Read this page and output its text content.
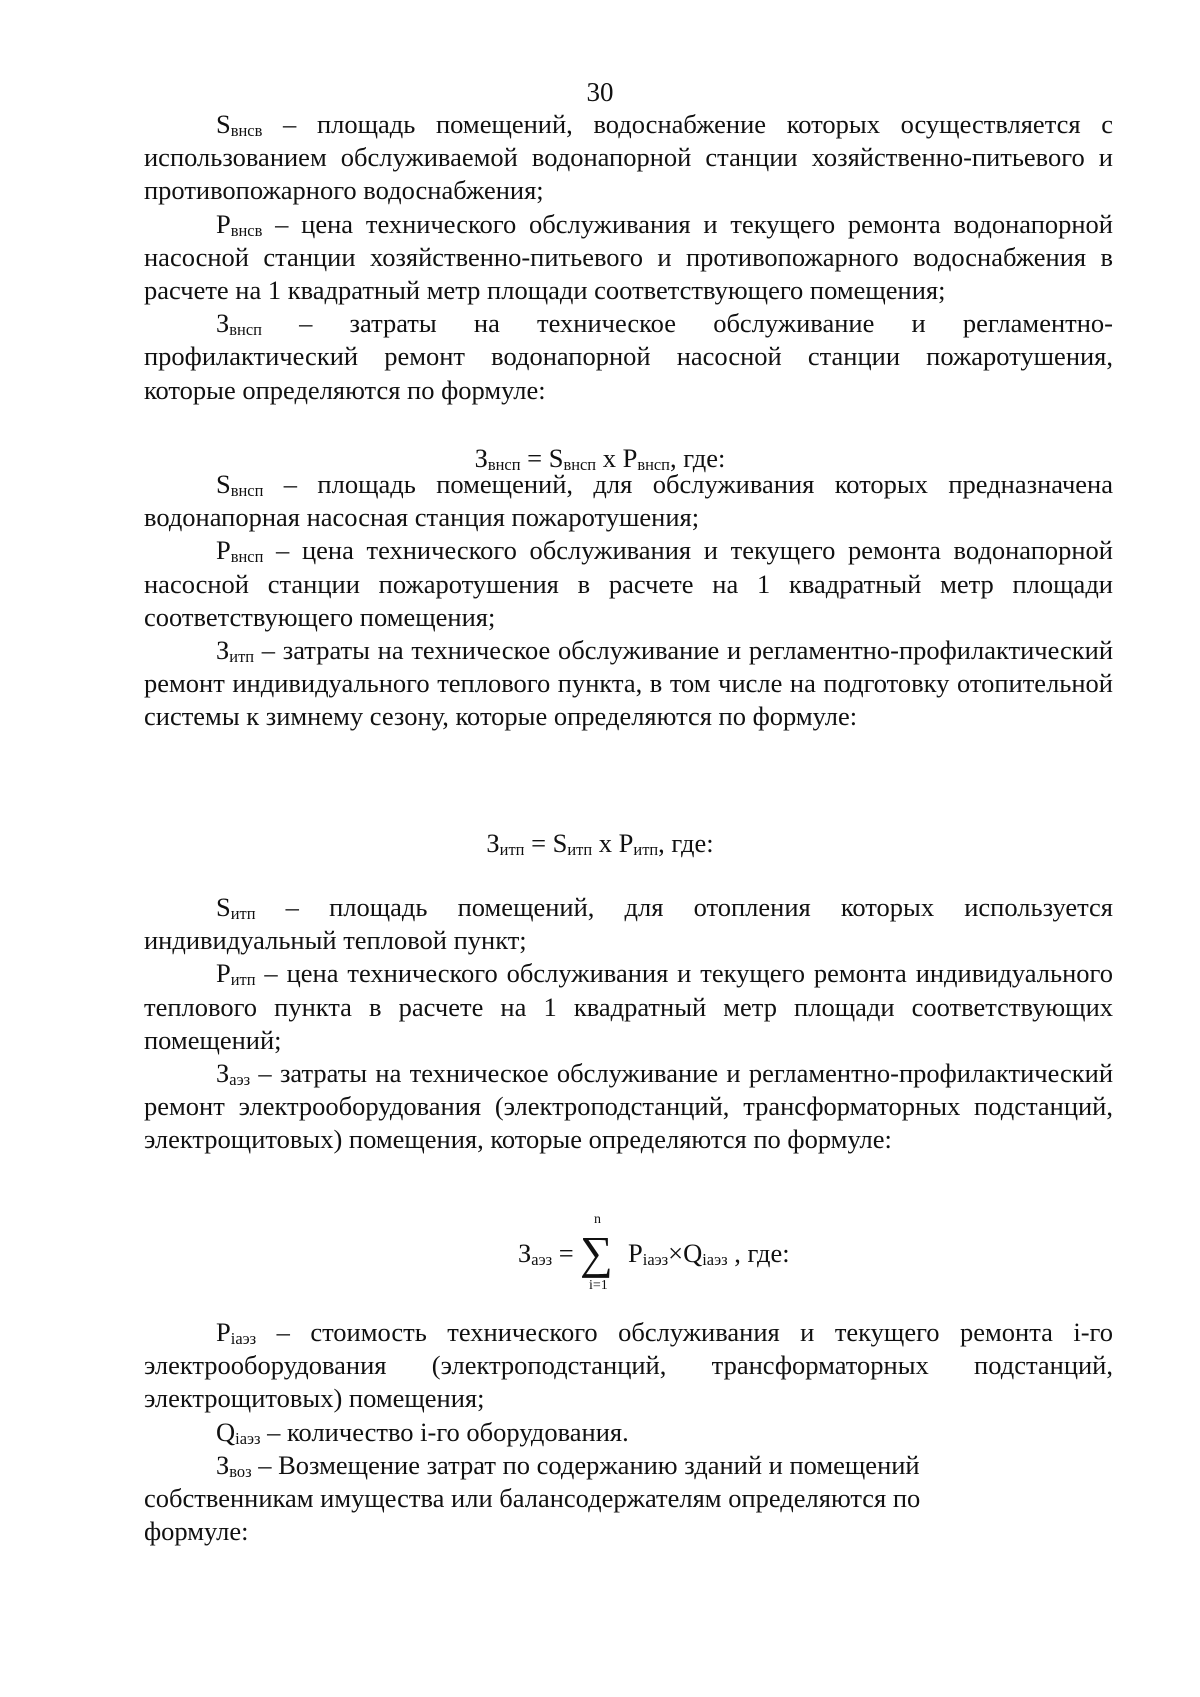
30

$S_{внсв}$ – площадь помещений, водоснабжение которых осуществляется с использованием обслуживаемой водонапорной станции хозяйственно-питьевого и противопожарного водоснабжения;

$P_{внсв}$ – цена технического обслуживания и текущего ремонта водонапорной насосной станции хозяйственно-питьевого и противопожарного водоснабжения в расчете на 1 квадратный метр площади соответствующего помещения;

$З_{внсп}$ – затраты на техническое обслуживание и регламентно-профилактический ремонт водонапорной насосной станции пожаротушения, которые определяются по формуле:

$З_{внсп} = S_{внсп}$ x $P_{внсп}$, где:

$S_{внсп}$ – площадь помещений, для обслуживания которых предназначена водонапорная насосная станция пожаротушения;

$P_{внсп}$ – цена технического обслуживания и текущего ремонта водонапорной насосной станции пожаротушения в расчете на 1 квадратный метр площади соответствующего помещения;

$З_{итп}$ – затраты на техническое обслуживание и регламентно-профилактический ремонт индивидуального теплового пункта, в том числе на подготовку отопительной системы к зимнему сезону, которые определяются по формуле:

$З_{итп} = S_{итп}$ x $P_{итп}$, где:

$S_{итп}$ – площадь помещений, для отопления которых используется индивидуальный тепловой пункт;

$P_{итп}$ – цена технического обслуживания и текущего ремонта индивидуального теплового пункта в расчете на 1 квадратный метр площади соответствующих помещений;

$З_{аэз}$ – затраты на техническое обслуживание и регламентно-профилактический ремонт электрооборудования (электроподстанций, трансформаторных подстанций, электрощитовых) помещения, которые определяются по формуле:

$З_{аэз}$ =
n
∑
i=1
$P_{iаэз}\times Q_{iаэз}$ , где:

$P_{iаэз}$ – стоимость технического обслуживания и текущего ремонта i-го электрооборудования (электроподстанций, трансформаторных подстанций, электрощитовых) помещения;

$Q_{iаэз}$ – количество i-го оборудования.

$З_{воз}$ – Возмещение затрат по содержанию зданий и помещений собственникам имущества или балансодержателям определяются по формуле:
